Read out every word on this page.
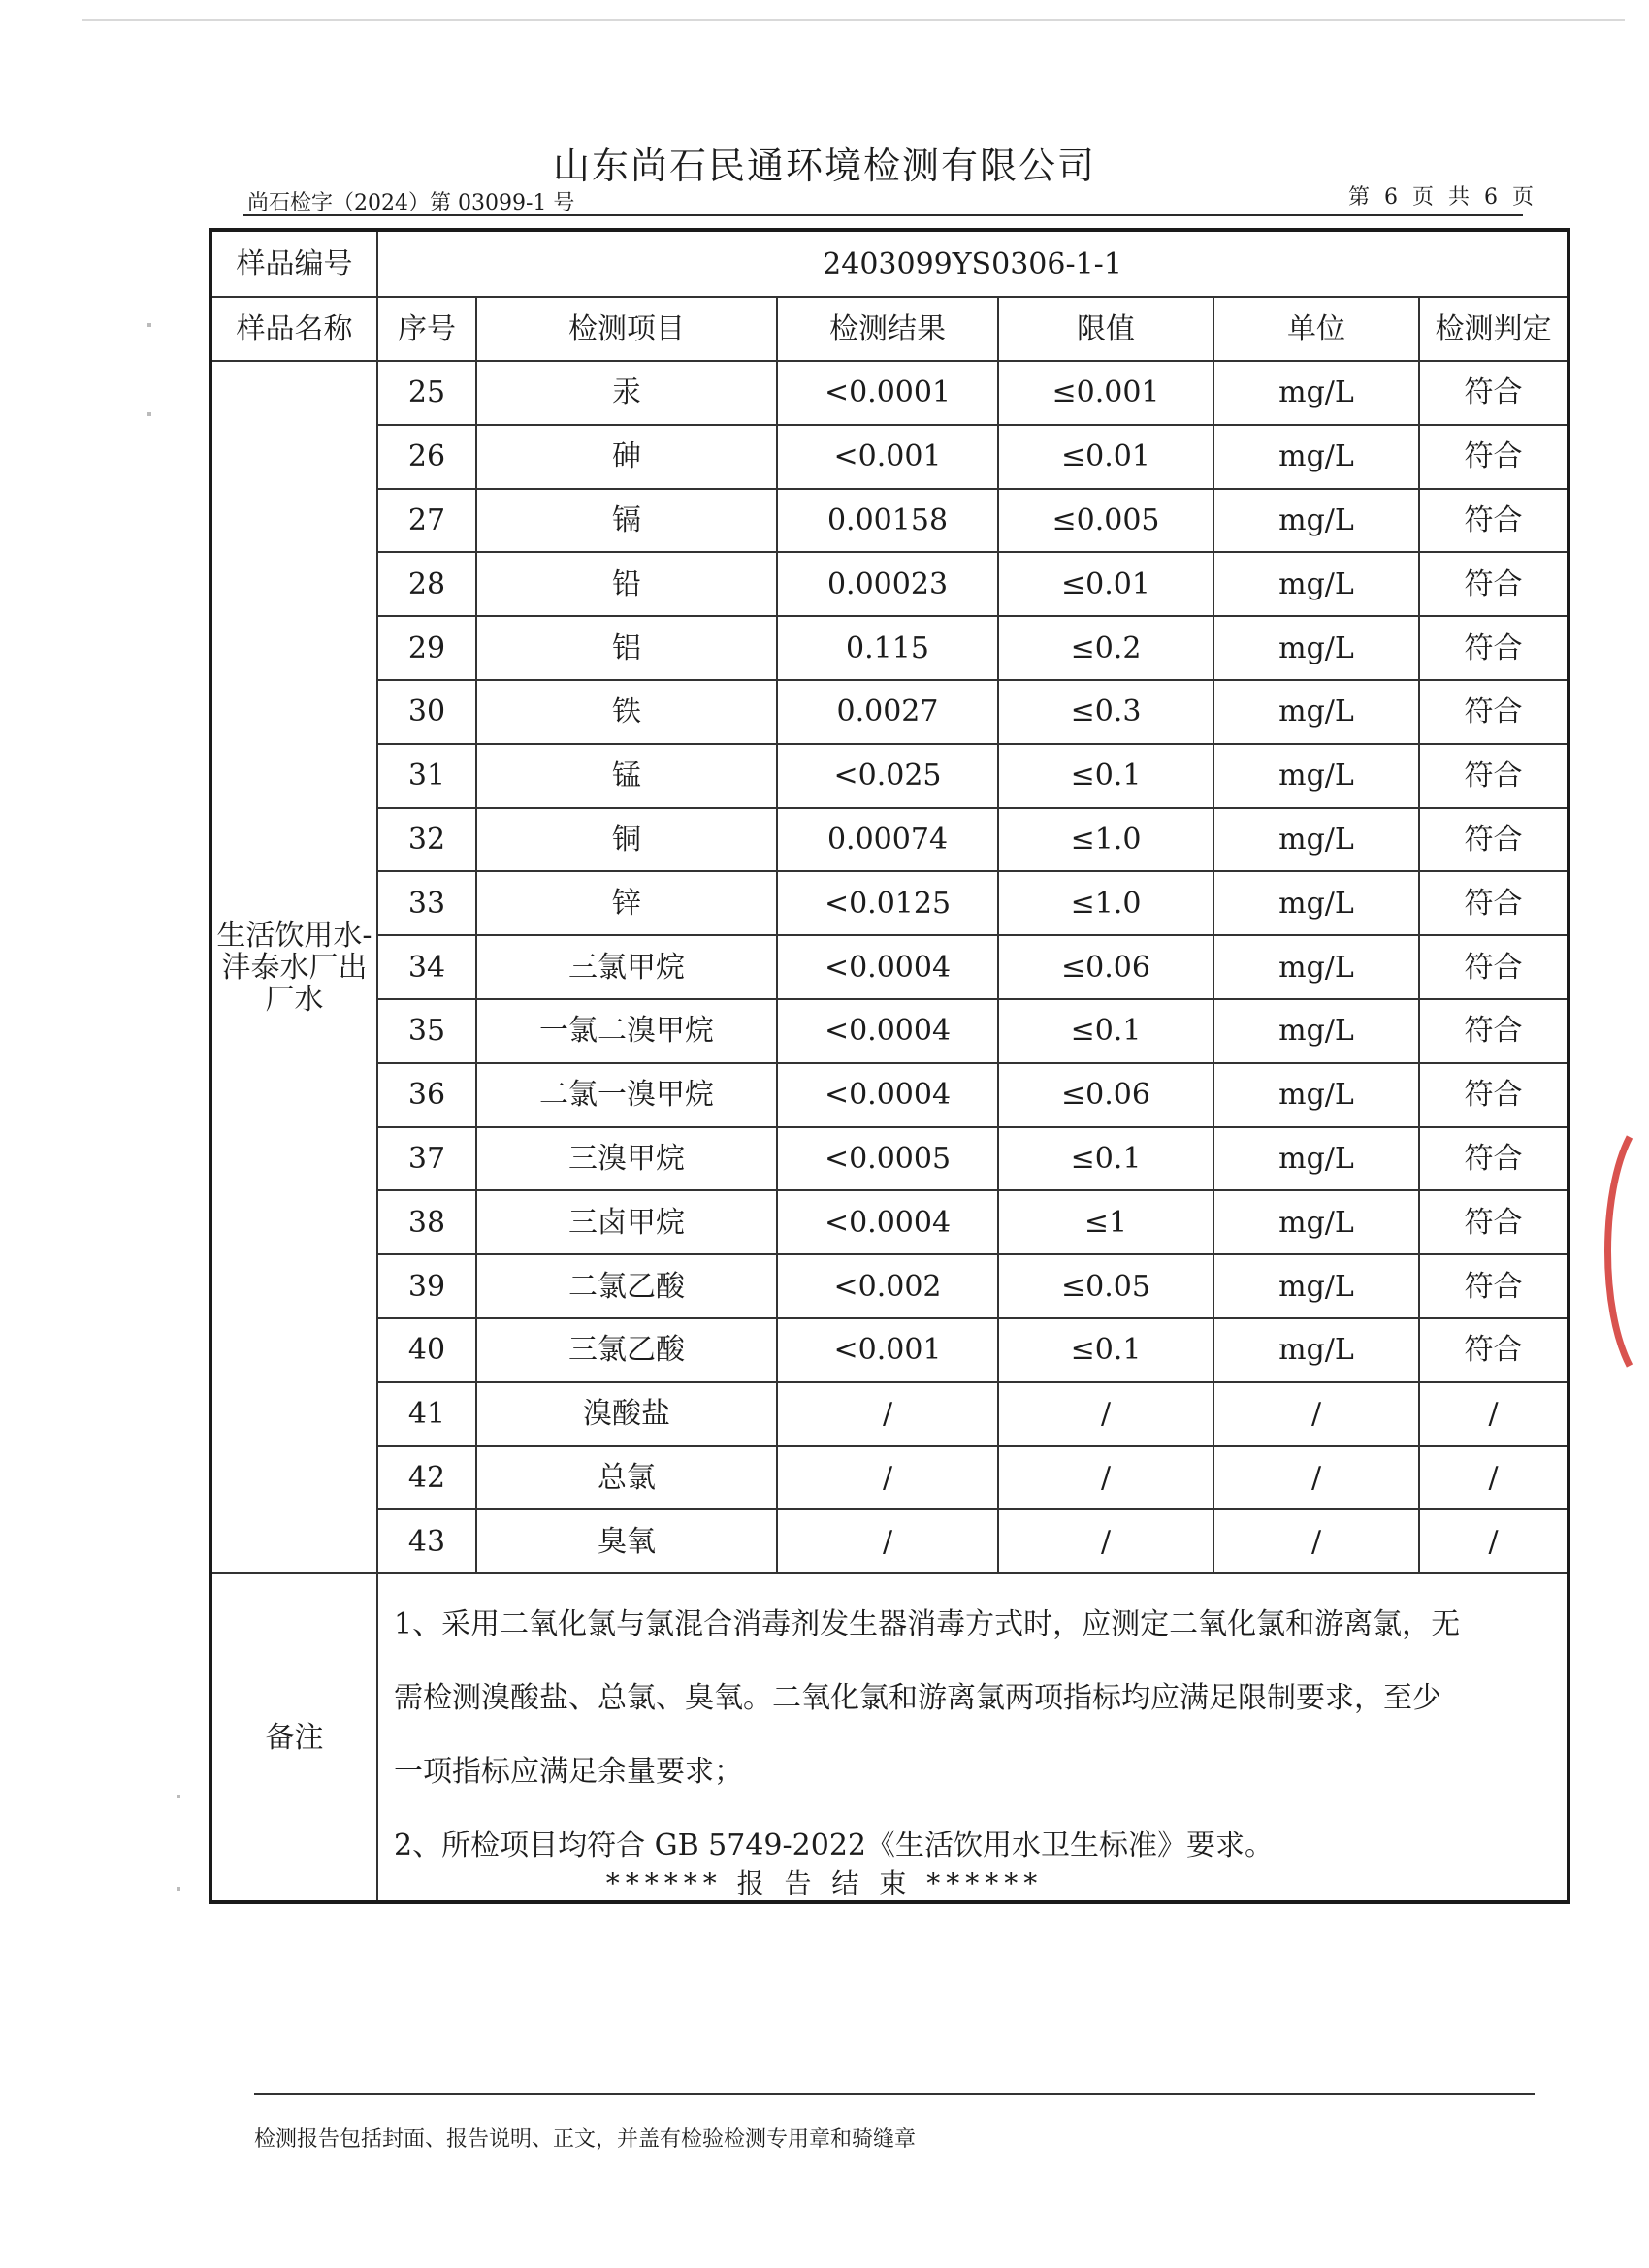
山东尚石民通环境检测有限公司
尚石检字（2024）第 03099-1 号	第 6 页 共 6 页
样品编号	2403099YS0306-1-1					
样品名称	序号	检测项目	检测结果	限值	单位	检测判定
生活饮用水-沣泰水厂出厂水	25	汞	<0.0001	≤0.001	mg/L	符合
	26	砷	<0.001	≤0.01	mg/L	符合
	27	镉	0.00158	≤0.005	mg/L	符合
	28	铅	0.00023	≤0.01	mg/L	符合
	29	铝	0.115	≤0.2	mg/L	符合
	30	铁	0.0027	≤0.3	mg/L	符合
	31	锰	<0.025	≤0.1	mg/L	符合
	32	铜	0.00074	≤1.0	mg/L	符合
	33	锌	<0.0125	≤1.0	mg/L	符合
	34	三氯甲烷	<0.0004	≤0.06	mg/L	符合
	35	一氯二溴甲烷	<0.0004	≤0.1	mg/L	符合
	36	二氯一溴甲烷	<0.0004	≤0.06	mg/L	符合
	37	三溴甲烷	<0.0005	≤0.1	mg/L	符合
	38	三卤甲烷	<0.0004	≤1	mg/L	符合
	39	二氯乙酸	<0.002	≤0.05	mg/L	符合
	40	三氯乙酸	<0.001	≤0.1	mg/L	符合
	41	溴酸盐	/	/	/	/
	42	总氯	/	/	/	/
	43	臭氧	/	/	/	/
备注	1、采用二氧化氯与氯混合消毒剂发生器消毒方式时，应测定二氧化氯和游离氯，无
需检测溴酸盐、总氯、臭氧。二氧化氯和游离氯两项指标均应满足限制要求，至少
一项指标应满足余量要求；
2、所检项目均符合 GB 5749-2022《生活饮用水卫生标准》要求。					
****** 报 告 结 束 ******
检测报告包括封面、报告说明、正文，并盖有检验检测专用章和骑缝章
